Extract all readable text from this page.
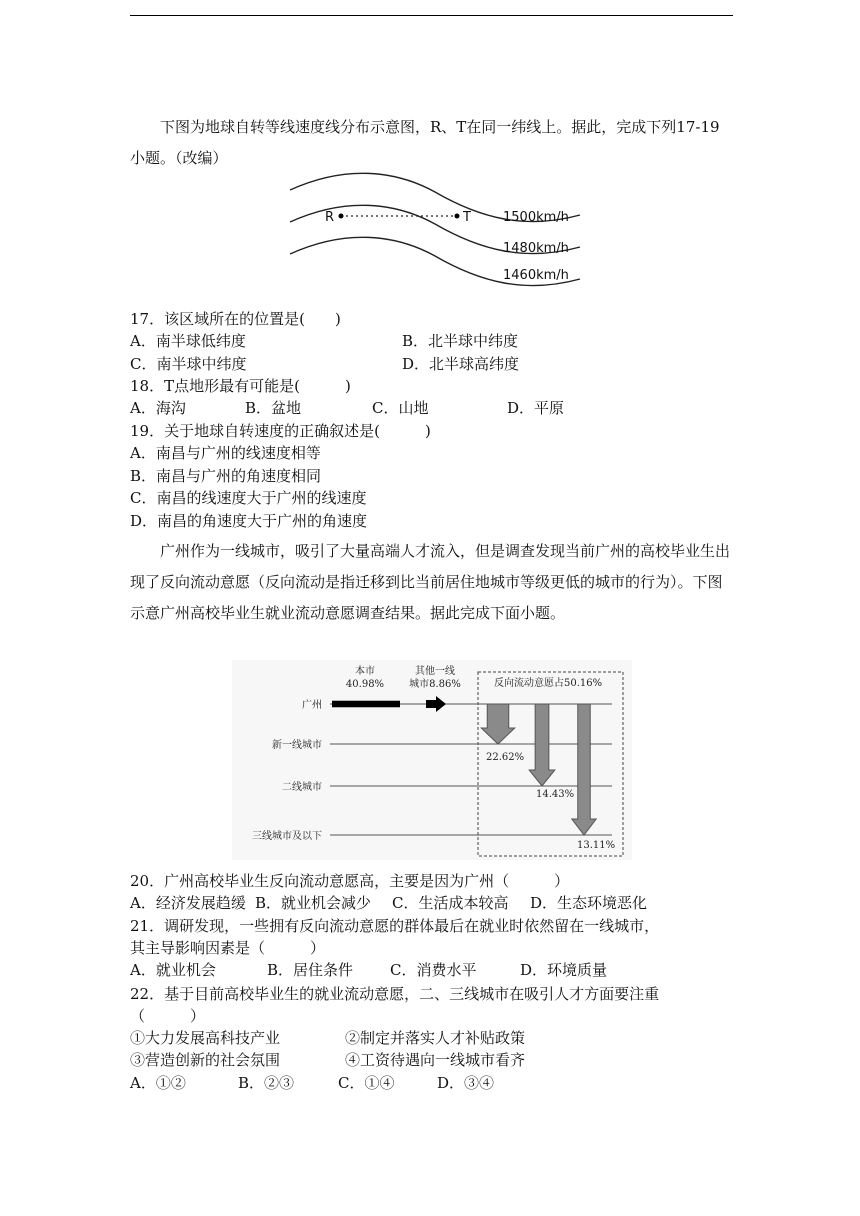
下图为地球自转等线速度线分布示意图，R、T在同一纬线上。据此，完成下列17-19小题。（改编）

R	T 1500km/h
1480km/h
1460km/h
17．该区域所在的位置是(　　)
A．南半球低纬度	B．北半球中纬度
C．南半球中纬度	D．北半球高纬度
18．T点地形最有可能是(　　　)
A．海沟	B．盆地	C．山地	D．平原
19．关于地球自转速度的正确叙述是(　　　)
A．南昌与广州的线速度相等
B．南昌与广州的角速度相同
C．南昌的线速度大于广州的线速度
D．南昌的角速度大于广州的角速度

广州作为一线城市，吸引了大量高端人才流入，但是调查发现当前广州的高校毕业生出现了反向流动意愿（反向流动是指迁移到比当前居住地城市等级更低的城市的行为）。下图示意广州高校毕业生就业流动意愿调查结果。据此完成下面小题。

反向流动意愿占50.16%
广州
新一线城市
二线城市
三线城市及以下
本市
40.98%
其他一线
城市8.86%
22.62%
14.43%
13.11%
20．广州高校毕业生反向流动意愿高，主要是因为广州（　　　）
A．经济发展趋缓 B．就业机会减少 C．生活成本较高 D．生态环境恶化
21．调研发现，一些拥有反向流动意愿的群体最后在就业时依然留在一线城市，
其主导影响因素是（　　　）
A．就业机会	B．居住条件 C．消费水平	D．环境质量
22．基于目前高校毕业生的就业流动意愿，二、三线城市在吸引人才方面要注重
（　　　）
①大力发展高科技产业	②制定并落实人才补贴政策
③营造创新的社会氛围	④工资待遇向一线城市看齐
A．①②	B．②③	C．①④	D．③④
